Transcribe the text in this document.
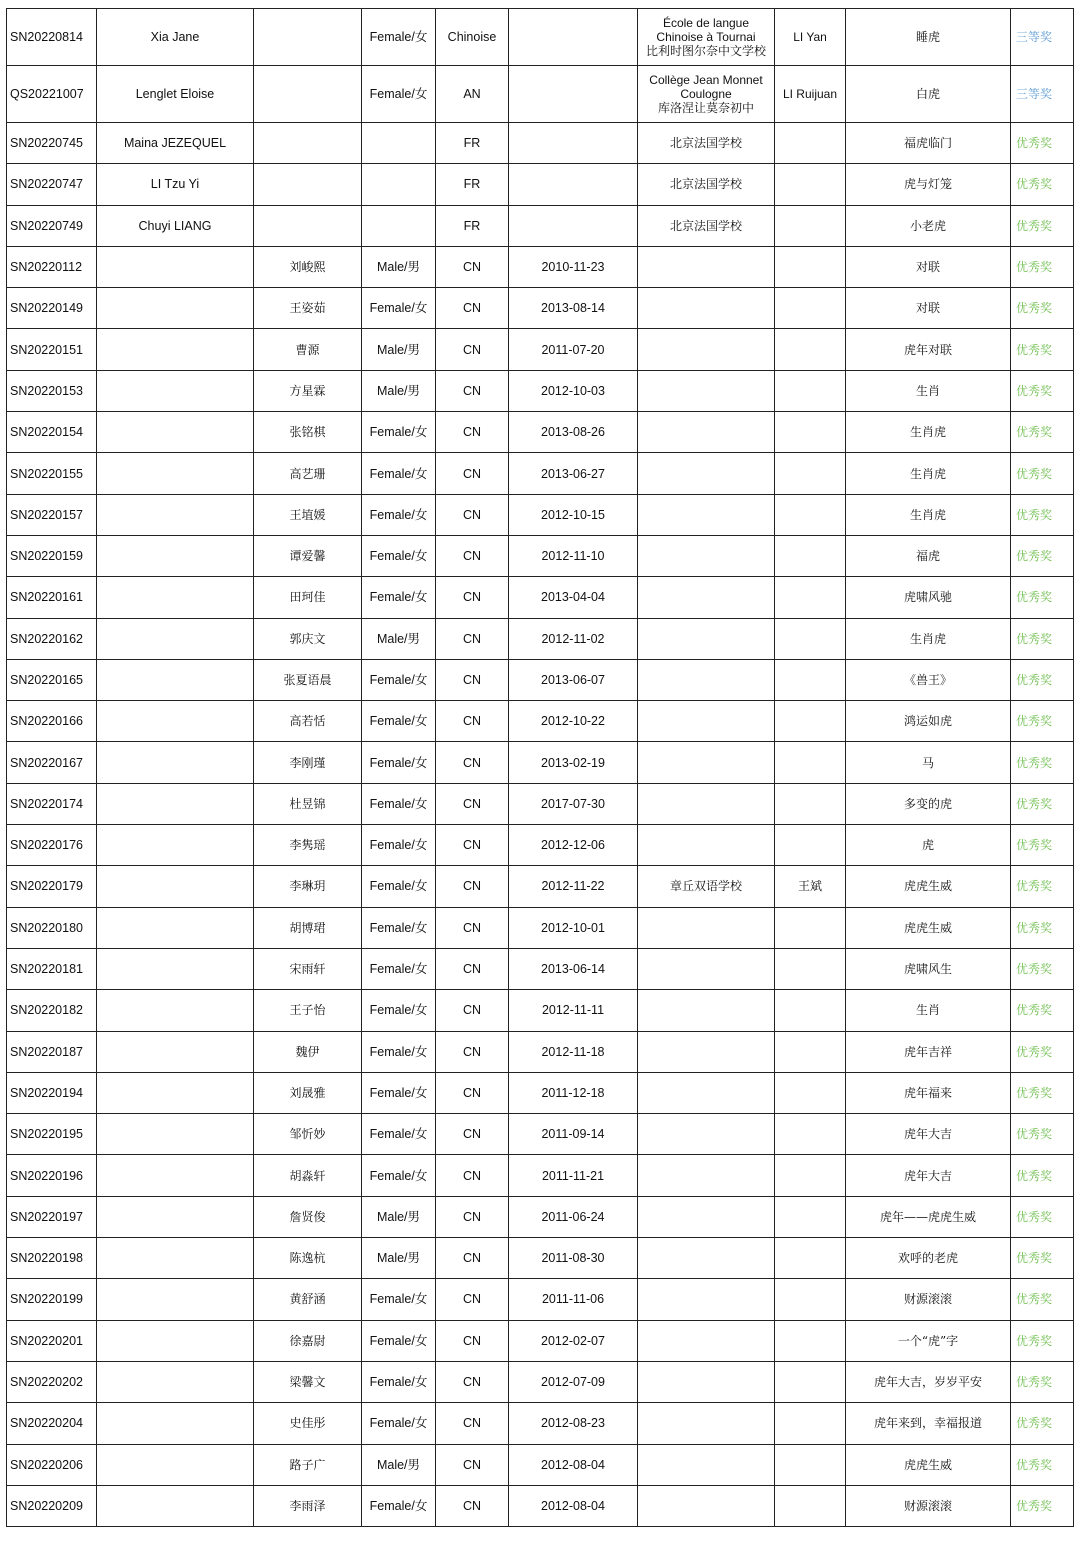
SN20220814	Xia Jane		Female/女	Chinoise		École de langue
Chinoise à Tournai
比利时图尔奈中文学校	LI Yan	睡虎	三等奖
QS20221007	Lenglet Eloise		Female/女	AN		Collège Jean Monnet
Coulogne
库洛涅让莫奈初中	LI Ruijuan	白虎	三等奖
SN20220745	Maina JEZEQUEL			FR		北京法国学校		福虎临门	优秀奖
SN20220747	LI Tzu Yi			FR		北京法国学校		虎与灯笼	优秀奖
SN20220749	Chuyi LIANG			FR		北京法国学校		小老虎	优秀奖
SN20220112		刘峻熙	Male/男	CN	2010-11-23			对联	优秀奖
SN20220149		王姿茹	Female/女	CN	2013-08-14			对联	优秀奖
SN20220151		曹源	Male/男	CN	2011-07-20			虎年对联	优秀奖
SN20220153		方星霖	Male/男	CN	2012-10-03			生肖	优秀奖
SN20220154		张铭棋	Female/女	CN	2013-08-26			生肖虎	优秀奖
SN20220155		高艺珊	Female/女	CN	2013-06-27			生肖虎	优秀奖
SN20220157		王埴媛	Female/女	CN	2012-10-15			生肖虎	优秀奖
SN20220159		谭爱馨	Female/女	CN	2012-11-10			福虎	优秀奖
SN20220161		田珂佳	Female/女	CN	2013-04-04			虎啸风驰	优秀奖
SN20220162		郭庆文	Male/男	CN	2012-11-02			生肖虎	优秀奖
SN20220165		张夏语晨	Female/女	CN	2013-06-07			《兽王》	优秀奖
SN20220166		高若恬	Female/女	CN	2012-10-22			鸿运如虎	优秀奖
SN20220167		李刚瑾	Female/女	CN	2013-02-19			马	优秀奖
SN20220174		杜昱锦	Female/女	CN	2017-07-30			多变的虎	优秀奖
SN20220176		李隽瑶	Female/女	CN	2012-12-06			虎	优秀奖
SN20220179		李琳玥	Female/女	CN	2012-11-22	章丘双语学校	王斌	虎虎生威	优秀奖
SN20220180		胡博珺	Female/女	CN	2012-10-01			虎虎生威	优秀奖
SN20220181		宋雨轩	Female/女	CN	2013-06-14			虎啸风生	优秀奖
SN20220182		王子怡	Female/女	CN	2012-11-11			生肖	优秀奖
SN20220187		魏伊	Female/女	CN	2012-11-18			虎年吉祥	优秀奖
SN20220194		刘晟雅	Female/女	CN	2011-12-18			虎年福来	优秀奖
SN20220195		邹忻妙	Female/女	CN	2011-09-14			虎年大吉	优秀奖
SN20220196		胡淼轩	Female/女	CN	2011-11-21			虎年大吉	优秀奖
SN20220197		詹贤俊	Male/男	CN	2011-06-24			虎年——虎虎生威	优秀奖
SN20220198		陈逸杭	Male/男	CN	2011-08-30			欢呼的老虎	优秀奖
SN20220199		黄舒涵	Female/女	CN	2011-11-06			财源滚滚	优秀奖
SN20220201		徐嘉尉	Female/女	CN	2012-02-07			一个“虎”字	优秀奖
SN20220202		梁馨文	Female/女	CN	2012-07-09			虎年大吉，岁岁平安	优秀奖
SN20220204		史佳彤	Female/女	CN	2012-08-23			虎年来到，幸福报道	优秀奖
SN20220206		路子广	Male/男	CN	2012-08-04			虎虎生威	优秀奖
SN20220209		李雨泽	Female/女	CN	2012-08-04			财源滚滚	优秀奖
